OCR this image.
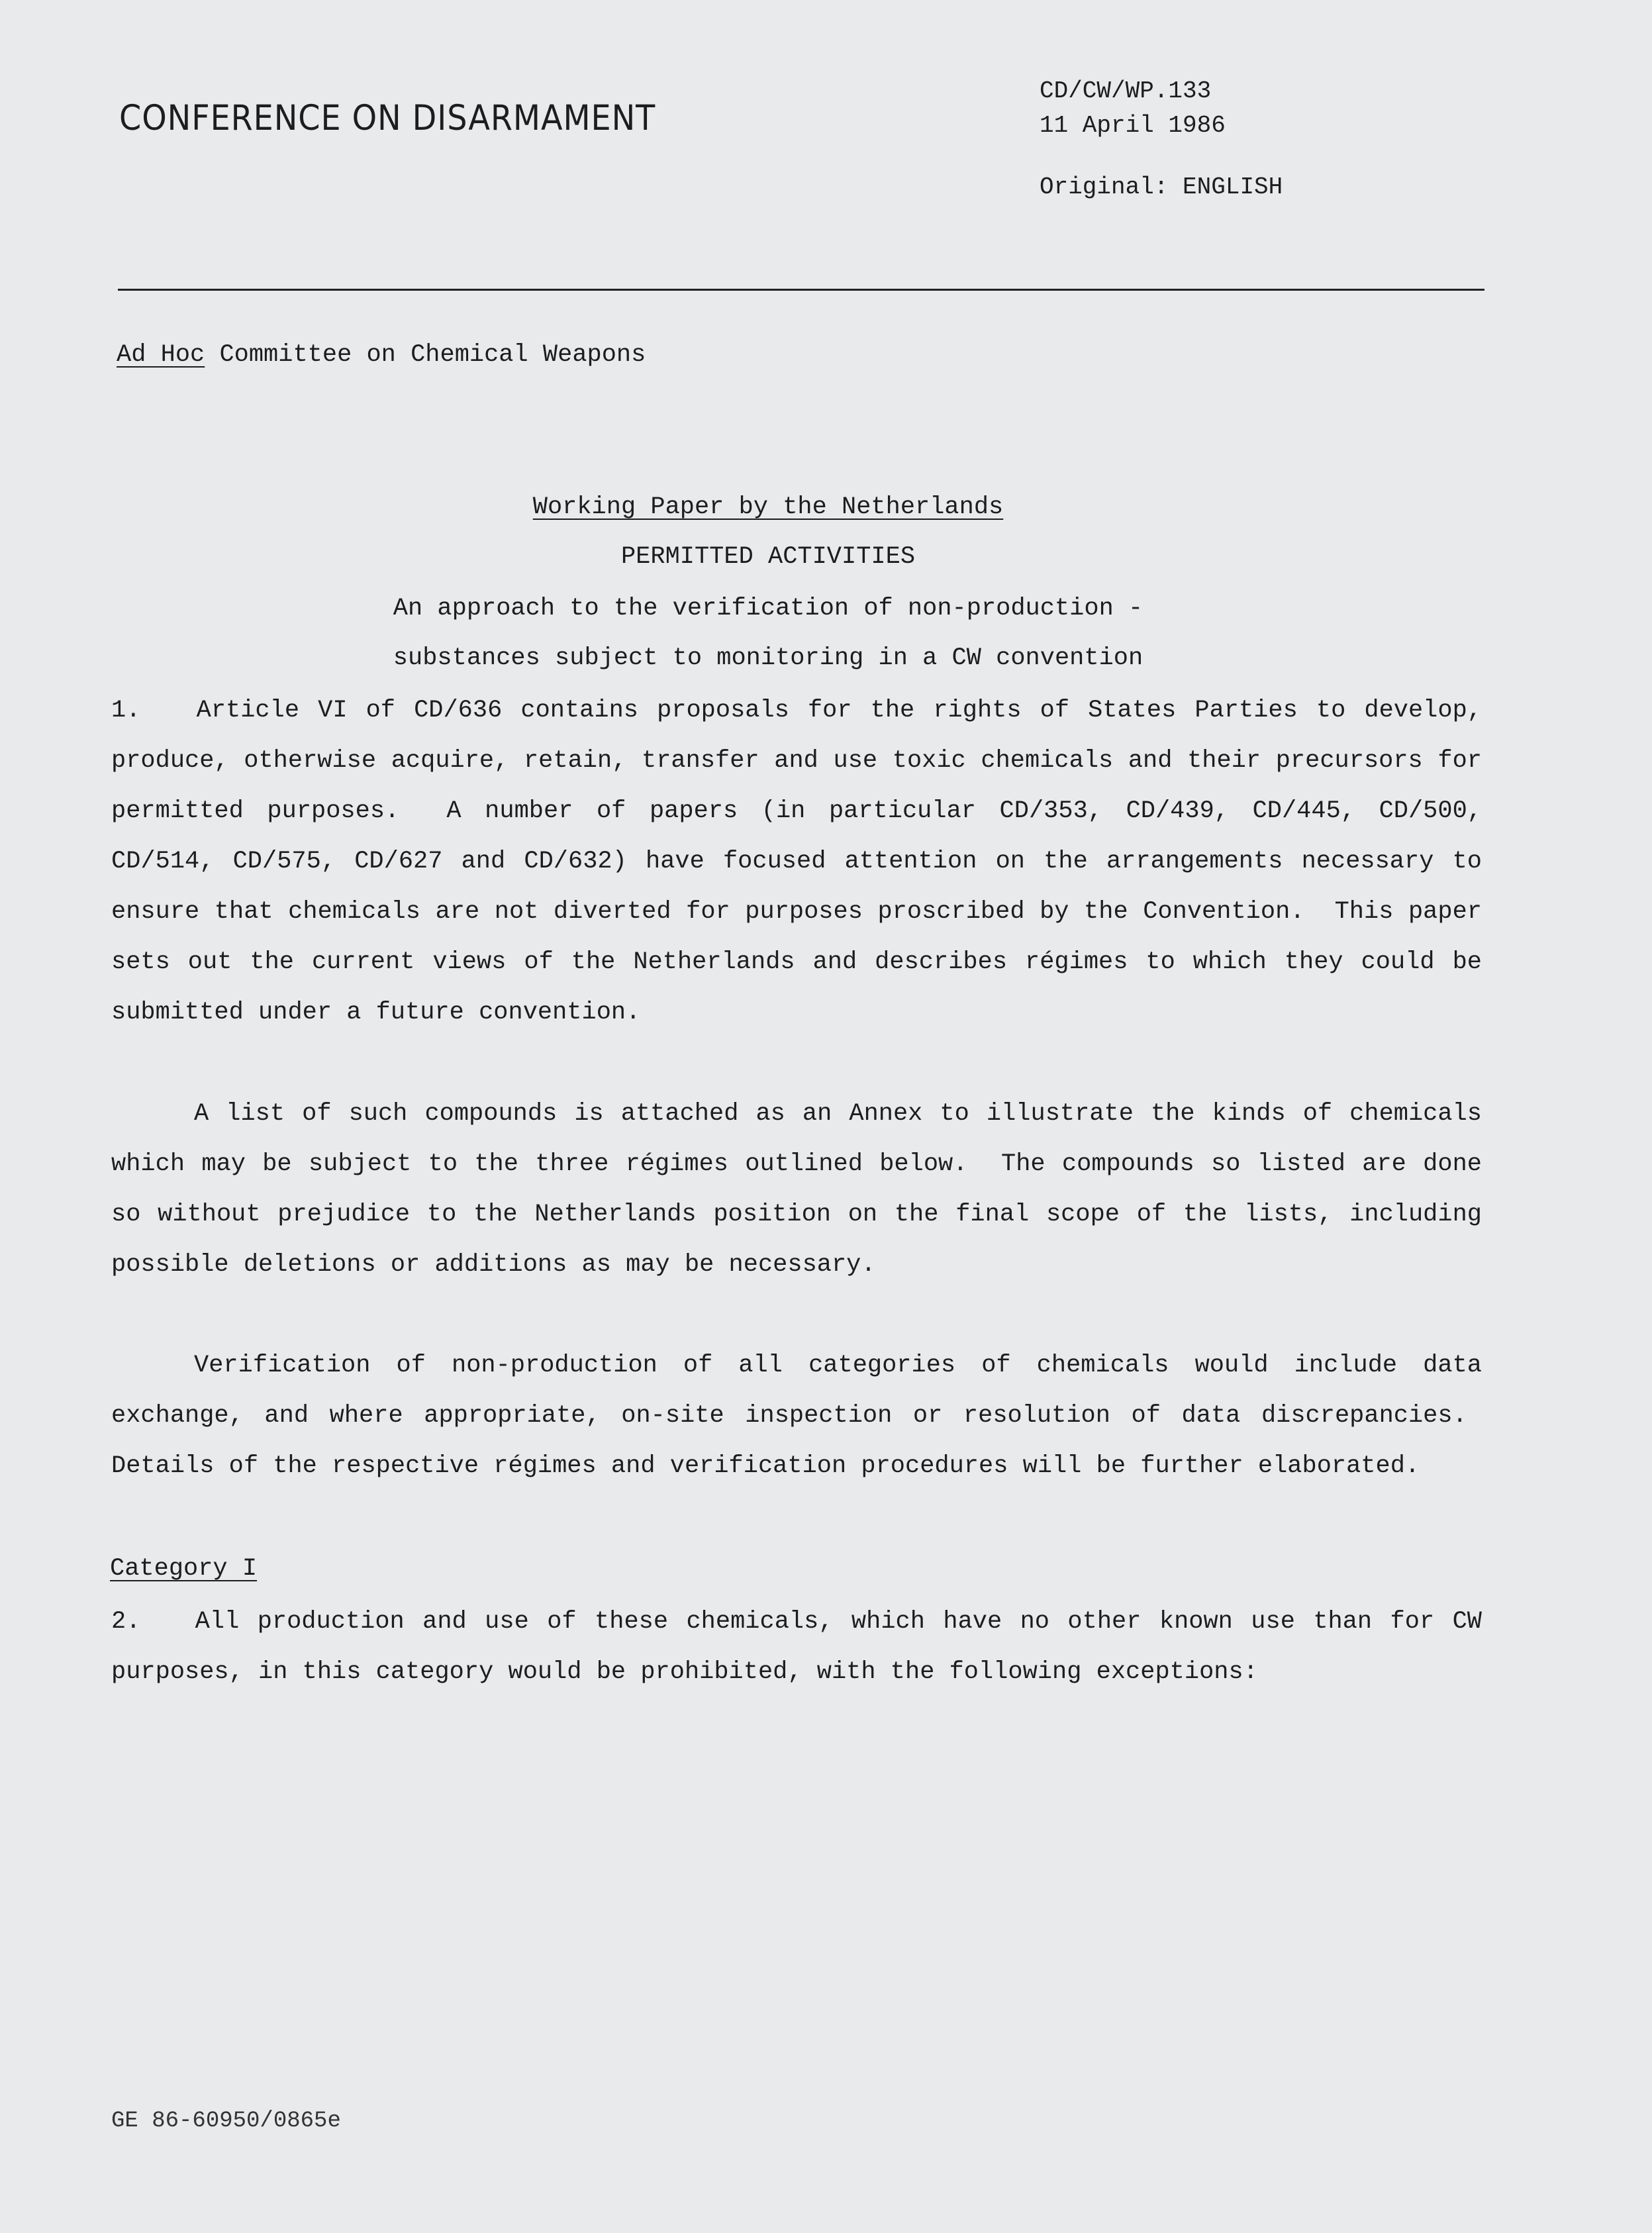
CONFERENCE ON DISARMAMENT
CD/CW/WP.133
11 April 1986
Original: ENGLISH
Ad Hoc Committee on Chemical Weapons
Working Paper by the Netherlands
PERMITTED ACTIVITIES
An approach to the verification of non-production -
substances subject to monitoring in a CW convention
1.   Article VI of CD/636 contains proposals for the rights of States Parties to develop, produce, otherwise acquire, retain, transfer and use toxic chemicals and their precursors for permitted purposes.  A number of papers (in particular CD/353, CD/439, CD/445, CD/500, CD/514, CD/575, CD/627 and CD/632) have focused attention on the arrangements necessary to ensure that chemicals are not diverted for purposes proscribed by the Convention.  This paper sets out the current views of the Netherlands and describes régimes to which they could be submitted under a future convention.
A list of such compounds is attached as an Annex to illustrate the kinds of chemicals which may be subject to the three régimes outlined below.  The compounds so listed are done so without prejudice to the Netherlands position on the final scope of the lists, including possible deletions or additions as may be necessary.
Verification of non-production of all categories of chemicals would include data exchange, and where appropriate, on-site inspection or resolution of data discrepancies.  Details of the respective régimes and verification procedures will be further elaborated.
Category I
2.   All production and use of these chemicals, which have no other known use than for CW purposes, in this category would be prohibited, with the following exceptions:
GE 86-60950/0865e
